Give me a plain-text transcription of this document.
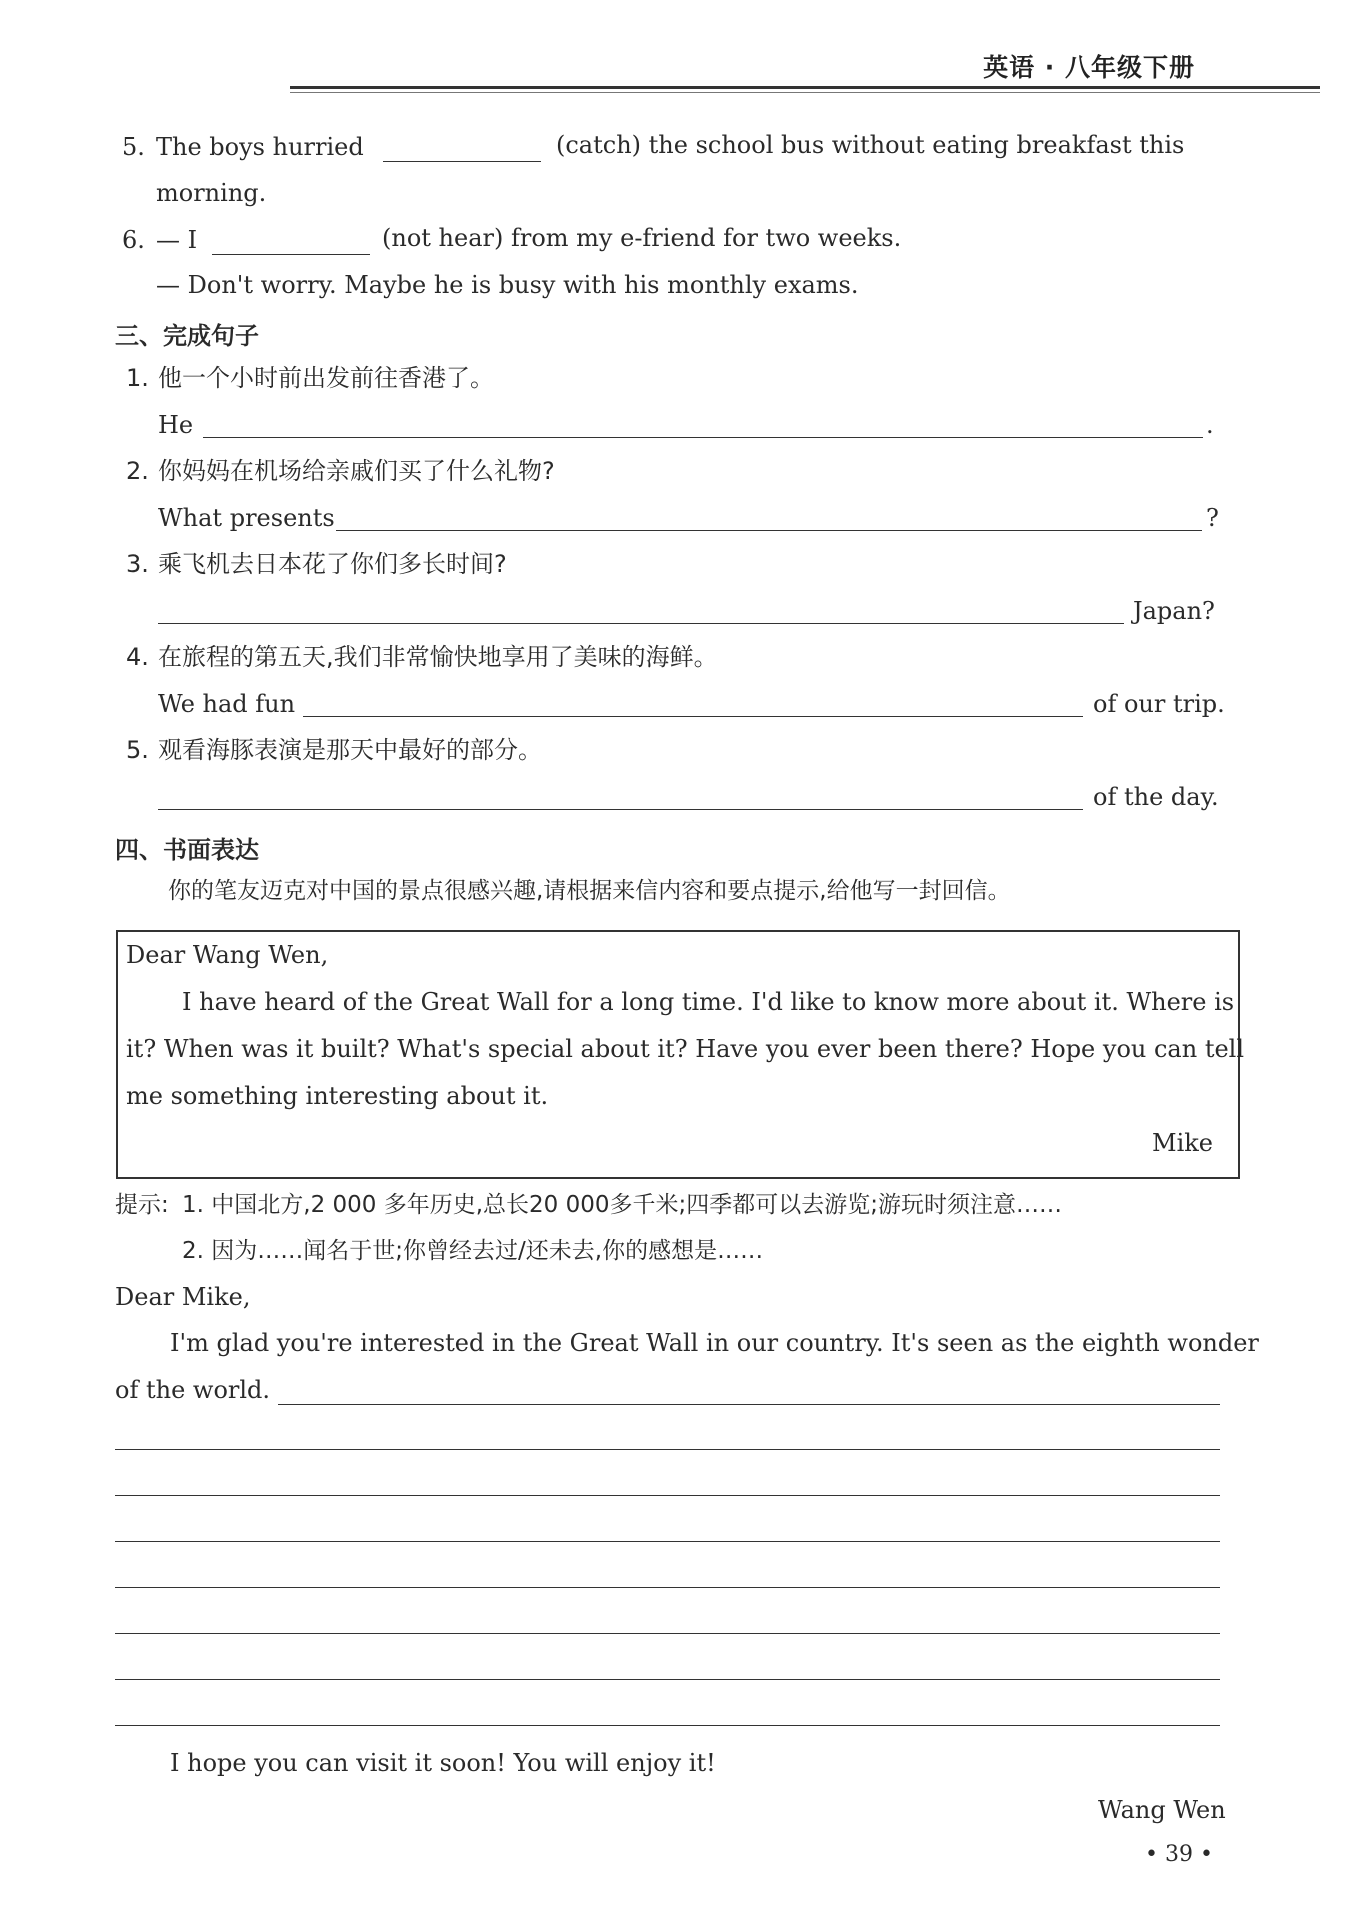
英语 · 八年级下册
5. The boys hurried	(catch) the school bus without eating breakfast this
morning.
6. — I	(not hear) from my e-friend for two weeks.
— Don't worry. Maybe he is busy with his monthly exams.
三、完成句子
1. 他一个小时前出发前往香港了。
He	.
2. 你妈妈在机场给亲戚们买了什么礼物?
What presents	?
3. 乘飞机去日本花了你们多长时间?
Japan?
4. 在旅程的第五天,我们非常愉快地享用了美味的海鲜。
We had fun	of our trip.
5. 观看海豚表演是那天中最好的部分。
of the day.
四、书面表达
你的笔友迈克对中国的景点很感兴趣,请根据来信内容和要点提示,给他写一封回信。
Dear Wang Wen,
I have heard of the Great Wall for a long time. I'd like to know more about it. Where is
it? When was it built? What's special about it? Have you ever been there? Hope you can tell
me something interesting about it.
Mike
提示: 1. 中国北方,2 000 多年历史,总长20 000多千米;四季都可以去游览;游玩时须注意……
2. 因为……闻名于世;你曾经去过/还未去,你的感想是……
Dear Mike,
I'm glad you're interested in the Great Wall in our country. It's seen as the eighth wonder
of the world.
I hope you can visit it soon! You will enjoy it!
Wang Wen
• 39 •
